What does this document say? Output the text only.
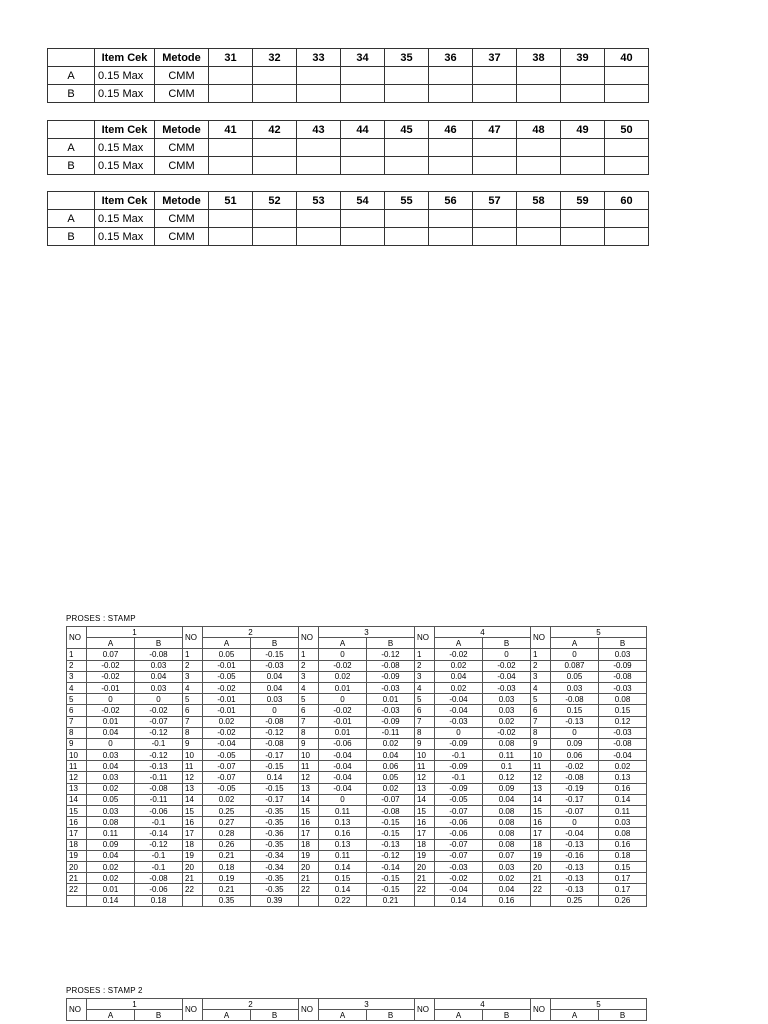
	Item Cek	Metode	31	32	33	34	35	36	37	38	39	40
A	0.15 Max	CMM										
B	0.15 Max	CMM										
	Item Cek	Metode	41	42	43	44	45	46	47	48	49	50
A	0.15 Max	CMM										
B	0.15 Max	CMM										
	Item Cek	Metode	51	52	53	54	55	56	57	58	59	60
A	0.15 Max	CMM										
B	0.15 Max	CMM										
PROSES : STAMP
NO	1		NO	2		NO	3		NO	4		NO	5	
	A	B		A	B		A	B		A	B		A	B
1	0.07	-0.08	1	0.05	-0.15	1	0	-0.12	1	-0.02	0	1	0	0.03
2	-0.02	0.03	2	-0.01	-0.03	2	-0.02	-0.08	2	0.02	-0.02	2	0.087	-0.09
3	-0.02	0.04	3	-0.05	0.04	3	0.02	-0.09	3	0.04	-0.04	3	0.05	-0.08
4	-0.01	0.03	4	-0.02	0.04	4	0.01	-0.03	4	0.02	-0.03	4	0.03	-0.03
5	0	0	5	-0.01	0.03	5	0	0.01	5	-0.04	0.03	5	-0.08	0.08
6	-0.02	-0.02	6	-0.01	0	6	-0.02	-0.03	6	-0.04	0.03	6	0.15	0.15
7	0.01	-0.07	7	0.02	-0.08	7	-0.01	-0.09	7	-0.03	0.02	7	-0.13	0.12
8	0.04	-0.12	8	-0.02	-0.12	8	0.01	-0.11	8	0	-0.02	8	0	-0.03
9	0	-0.1	9	-0.04	-0.08	9	-0.06	0.02	9	-0.09	0.08	9	0.09	-0.08
10	0.03	-0.12	10	-0.05	-0.17	10	-0.04	0.04	10	-0.1	0.11	10	0.06	-0.04
11	0.04	-0.13	11	-0.07	-0.15	11	-0.04	0.06	11	-0.09	0.1	11	-0.02	0.02
12	0.03	-0.11	12	-0.07	0.14	12	-0.04	0.05	12	-0.1	0.12	12	-0.08	0.13
13	0.02	-0.08	13	-0.05	-0.15	13	-0.04	0.02	13	-0.09	0.09	13	-0.19	0.16
14	0.05	-0.11	14	0.02	-0.17	14	0	-0.07	14	-0.05	0.04	14	-0.17	0.14
15	0.03	-0.06	15	0.25	-0.35	15	0.11	-0.08	15	-0.07	0.08	15	-0.07	0.11
16	0.08	-0.1	16	0.27	-0.35	16	0.13	-0.15	16	-0.06	0.08	16	0	0.03
17	0.11	-0.14	17	0.28	-0.36	17	0.16	-0.15	17	-0.06	0.08	17	-0.04	0.08
18	0.09	-0.12	18	0.26	-0.35	18	0.13	-0.13	18	-0.07	0.08	18	-0.13	0.16
19	0.04	-0.1	19	0.21	-0.34	19	0.11	-0.12	19	-0.07	0.07	19	-0.16	0.18
20	0.02	-0.1	20	0.18	-0.34	20	0.14	-0.14	20	-0.03	0.03	20	-0.13	0.15
21	0.02	-0.08	21	0.19	-0.35	21	0.15	-0.15	21	-0.02	0.02	21	-0.13	0.17
22	0.01	-0.06	22	0.21	-0.35	22	0.14	-0.15	22	-0.04	0.04	22	-0.13	0.17
	0.14	0.18		0.35	0.39		0.22	0.21		0.14	0.16		0.25	0.26
PROSES : STAMP 2
NO	1		NO	2		NO	3		NO	4		NO	5	
	A	B		A	B		A	B		A	B		A	B
